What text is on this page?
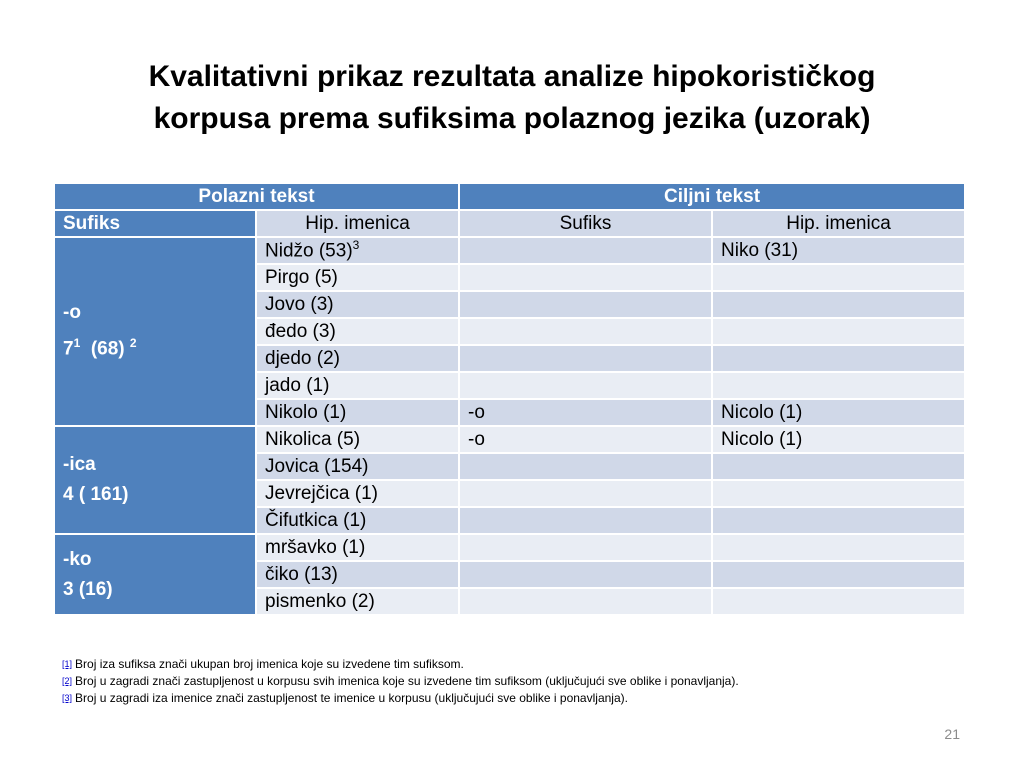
Kvalitativni prikaz rezultata analize hipokorističkog
korpusa prema sufiksima polaznog jezika (uzorak)
Polazni tekst		Ciljni tekst	
Sufiks	Hip. imenica	Sufiks	Hip. imenica

-o
$7^1$ (68) $^2$	Nidžo $(53)^3$		Niko (31)
	Pirgo (5)		
	Jovo (3)		
	đedo (3)		
	djedo (2)		
	jado (1)		
	Nikolo (1)	-o	Nicolo (1)

-ica
4 ( 161)	Nikolica (5)	-o	Nicolo (1)
	Jovica (154)		
	Jevrejčica (1)		
	Čifutkica (1)		

-ko
3 (16)	mršavko (1)		
	čiko (13)		
	pismenko (2)		
[1] Broj iza sufiksa znači ukupan broj imenica koje su izvedene tim sufiksom.
[2] Broj u zagradi znači zastupljenost u korpusu svih imenica koje su izvedene tim sufiksom (uključujući sve oblike i ponavljanja).
[3] Broj u zagradi iza imenice znači zastupljenost te imenice u korpusu (uključujući sve oblike i ponavljanja).
21
